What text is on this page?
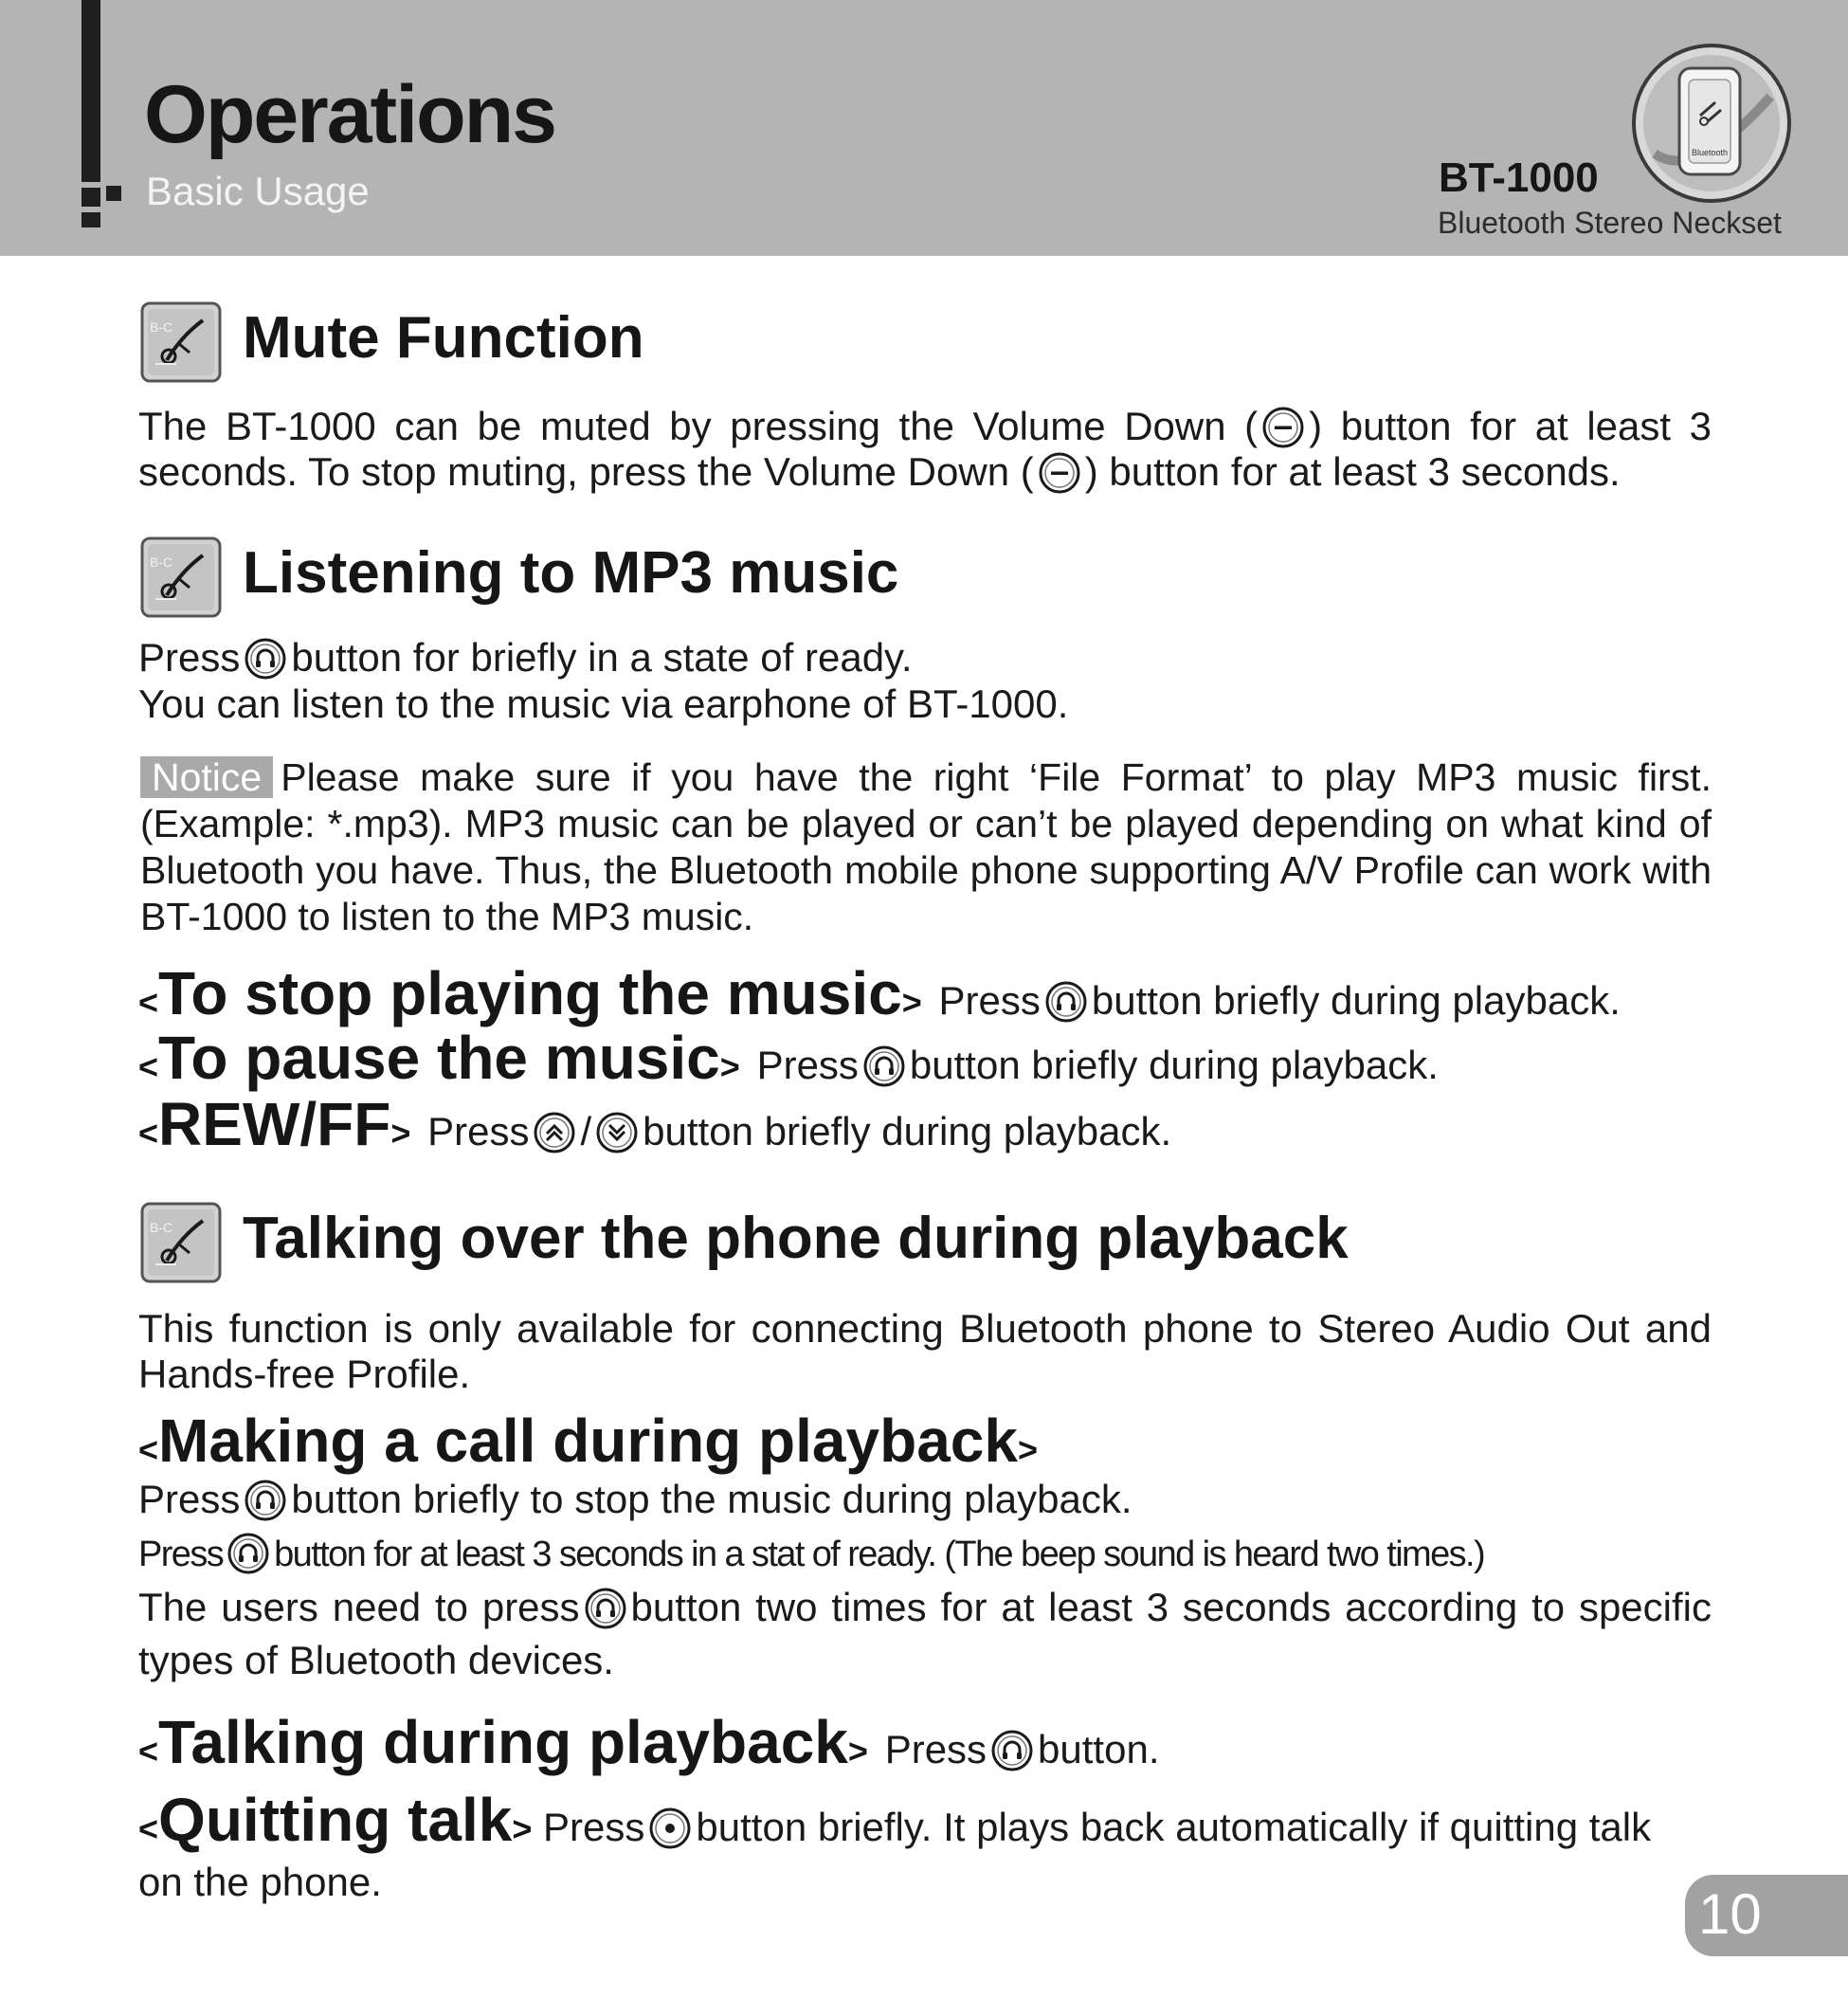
Operations
Basic Usage	BT-1000
Bluetooth Stereo Neckset
Bluetooth
Mute Function

The BT-1000 can be muted by pressing the Volume Down ( ) button for at least 3 seconds. To stop muting, press the Volume Down ( ) button for at least 3 seconds.

Listening to MP3 music
Press button for briefly in a state of ready.
You can listen to the music via earphone of BT-1000.

Notice Please make sure if you have the right ‘File Format’ to play MP3 music first. (Example: *.mp3). MP3 music can be played or can’t be played depending on what kind of Bluetooth you have. Thus, the Bluetooth mobile phone supporting A/V Profile can work with BT-1000 to listen to the MP3 music.

<To stop playing the music> Press button briefly during playback.
<To pause the music> Press button briefly during playback.
<REW/FF> Press / button briefly during playback.
Talking over the phone during playback

This function is only available for connecting Bluetooth phone to Stereo Audio Out and Hands-free Profile.

<Making a call during playback>
Press button briefly to stop the music during playback.
Press button for at least 3 seconds in a stat of ready. (The beep sound is heard two times.)

The users need to press button two times for at least 3 seconds according to specific types of Bluetooth devices.

<Talking during playback> Press button.

<Quitting talk> Press button briefly. It plays back automatically if quitting talk on the phone.

10
